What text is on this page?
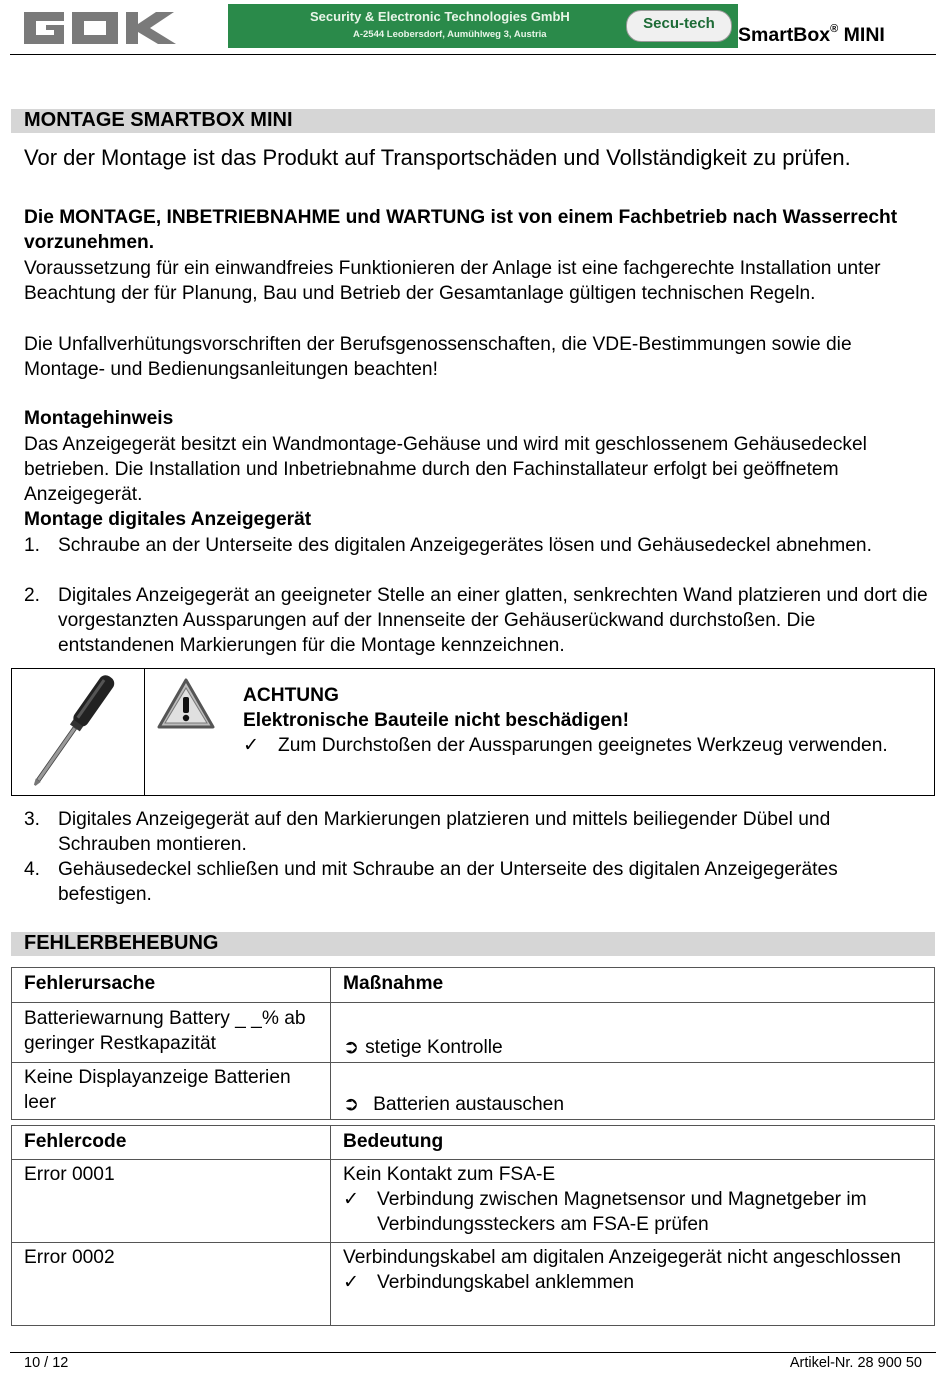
Security & Electronic Technologies GmbH
A-2544 Leobersdorf, Aumühlweg 3, Austria
Secu-tech
SmartBox® MINI
MONTAGE SMARTBOX MINI
Vor der Montage ist das Produkt auf Transportschäden und Vollständigkeit zu prüfen.
Die MONTAGE, INBETRIEBNAHME und WARTUNG ist von einem Fachbetrieb nach Wasserrecht vorzunehmen.
Voraussetzung für ein einwandfreies Funktionieren der Anlage ist eine fachgerechte Installation unter Beachtung der für Planung, Bau und Betrieb der Gesamtanlage gültigen technischen Regeln.
Die Unfallverhütungsvorschriften der Berufsgenossenschaften, die VDE-Bestimmungen sowie die Montage- und Bedienungsanleitungen beachten!
Montagehinweis
Das Anzeigegerät besitzt ein Wandmontage-Gehäuse und wird mit geschlossenem Gehäusedeckel betrieben. Die Installation und Inbetriebnahme durch den Fachinstallateur erfolgt bei geöffnetem Anzeigegerät.
Montage digitales Anzeigegerät
1. Schraube an der Unterseite des digitalen Anzeigegerätes lösen und Gehäusedeckel abnehmen.
2. Digitales Anzeigegerät an geeigneter Stelle an einer glatten, senkrechten Wand platzieren und dort die vorgestanzten Aussparungen auf der Innenseite der Gehäuserückwand durchstoßen. Die entstandenen Markierungen für die Montage kennzeichnen.
ACHTUNG
Elektronische Bauteile nicht beschädigen!
✓ Zum Durchstoßen der Aussparungen geeignetes Werkzeug verwenden.
3. Digitales Anzeigegerät auf den Markierungen platzieren und mittels beiliegender Dübel und Schrauben montieren.
4. Gehäusedeckel schließen und mit Schraube an der Unterseite des digitalen Anzeigegerätes befestigen.
FEHLERBEHEBUNG
Fehlerursache	Maßnahme
Batteriewarnung Battery _ _% ab geringer Restkapazität	➲ stetige Kontrolle
Keine Displayanzeige Batterien leer	➲ Batterien austauschen
Fehlercode	Bedeutung
Error 0001	Kein Kontakt zum FSA-E
✓ Verbindung zwischen Magnetsensor und Magnetgeber im Verbindungssteckers am FSA-E prüfen

Error 0002	Verbindungskabel am digitalen Anzeigegerät nicht angeschlossen
✓ Verbindungskabel anklemmen
10 / 12	Artikel-Nr. 28 900 50
